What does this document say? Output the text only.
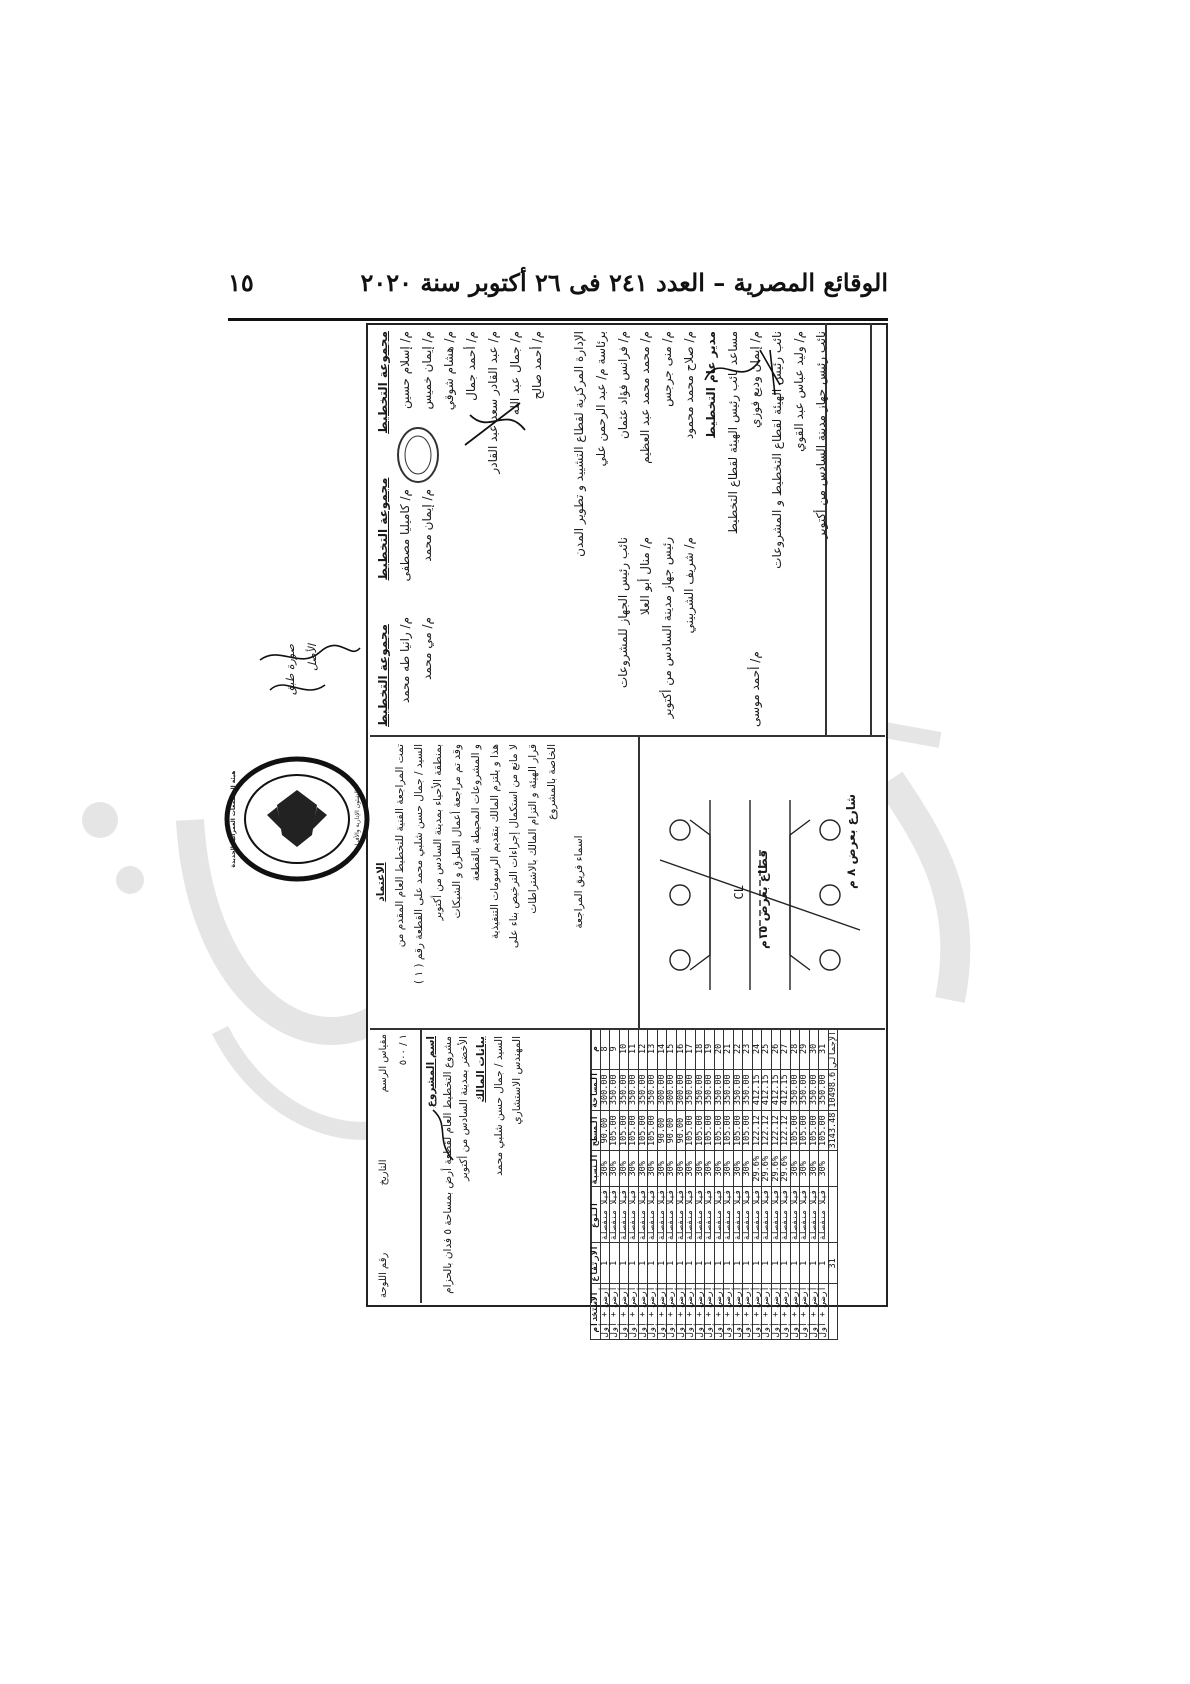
الوقائع المصرية – العدد ٢٤١ فى ٢٦ أكتوبر سنة ٢٠٢٠
١٥
مجموعة التخطيط
مجموعة التخطيط
مجموعة التخطيط
م/ إسلام حسين م/ إيمان خميس م/ هشام شوقي م/ أحمد جمال م/ عبد القادر سعد عبد القادر م/ جمال عبد الله م/ أحمد صالح
م/ كاميليا مصطفى م/ إيمان محمد
م/ رانيا طه محمد م/ مي محمد
الإدارة المركزية لقطاع التشييد و تطوير المدن برئاسة م/ عبد الرحمن علي م/ فرانس فؤاد عثمان م/ محمد محمد عبد العظيم م/ منى جرجس م/ صلاح محمد محمود
نائب رئيس الجهاز للمشروعات م/ منال أبو العلا رئيس جهاز مدينة السادس من أكتوبر م/ شريف الشربيني
مدير عام التخطيط مساعد نائب رئيس الهيئة لقطاع التخطيط م/ إيمان وديع فوزي
م/ أحمد موسى
نائب رئيس الهيئة لقطاع التخطيط و المشروعات م/ وليد عباس عبد القوي نائب رئيس جهاز مدينة السادس من أكتوبر
الاعتماد تمت المراجعة الفنية للتخطيط العام المقدم من
السيد / جمال حسن شلبي محمد على القطعة رقم ( ١ ) بمنطقة الأحياء بمدينة السادس من أكتوبر وقد تم مراجعة أعمال الطرق و الشبكات و المشروعات المحيطة بالقطعة هذا و يلتزم المالك بتقديم الرسومات التنفيذية لا مانع من استكمال إجراءات الترخيص بناء على قرار الهيئة و التزام المالك بالاشتراطات الخاصة بالمشروع
اسماء فريق المراجعة	شارع بعرض ٨ م
قطاع بعرض ١٥م
CL
م	المساحة	المسطح	النسبة	النوع	الارتفاع	الاستخدام
8	300.00	90.00	30%	فيلا منفصلة	1	أرضي + أول
9	350.00	105.00	30%	فيلا منفصلة	1	أرضي + أول
10	350.00	105.00	30%	فيلا منفصلة	1	أرضي + أول
11	350.00	105.00	30%	فيلا منفصلة	1	أرضي + أول
12	350.00	105.00	30%	فيلا منفصلة	1	أرضي + أول
13	350.00	105.00	30%	فيلا منفصلة	1	أرضي + أول
14	300.00	90.00	30%	فيلا منفصلة	1	أرضي + أول
15	300.00	90.00	30%	فيلا منفصلة	1	أرضي + أول
16	300.00	90.00	30%	فيلا منفصلة	1	أرضي + أول
17	350.00	105.00	30%	فيلا منفصلة	1	أرضي + أول
18	350.00	105.00	30%	فيلا منفصلة	1	أرضي + أول
19	350.00	105.00	30%	فيلا منفصلة	1	أرضي + أول
20	350.00	105.00	30%	فيلا منفصلة	1	أرضي + أول
21	350.00	105.00	30%	فيلا منفصلة	1	أرضي + أول
22	350.00	105.00	30%	فيلا منفصلة	1	أرضي + أول
23	350.00	105.00	30%	فيلا منفصلة	1	أرضي + أول
24	412.15	122.12	29.6%	فيلا منفصلة	1	أرضي + أول
25	412.15	122.12	29.6%	فيلا منفصلة	1	أرضي + أول
26	412.15	122.12	29.6%	فيلا منفصلة	1	أرضي + أول
27	412.15	122.12	29.6%	فيلا منفصلة	1	أرضي + أول
28	350.00	105.00	30%	فيلا منفصلة	1	أرضي + أول
29	350.00	105.00	30%	فيلا منفصلة	1	أرضي + أول
30	350.00	105.00	30%	فيلا منفصلة	1	أرضي + أول
31	350.00	105.00	30%	فيلا منفصلة	1	أرضي + أول
الإجمالي	10498.6	3143.48			31	
اسم المشروع
مشروع التخطيط العام لقطعة أرض بمساحة ٥ فدان بالحزام الأخضر بمدينة السادس من أكتوبر بيانات المالك السيد / جمال حسن شلبي محمد المهندس الاستشاري
مقياس الرسم
التاريخ
رقم اللوحة
١ / ٥٠٠
هيئة المجتمعات العمرانية الجديدة	الشئون الإدارية والأفراد
صورة طبق الأصل
